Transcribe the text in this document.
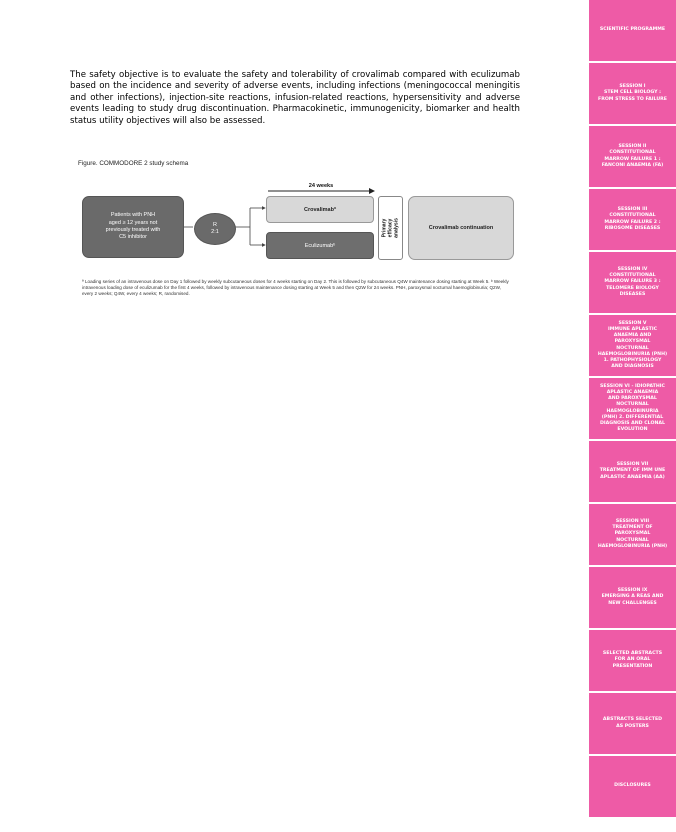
The safety objective is to evaluate the safety and tolerability of crovalimab compared with eculizumab based on the incidence and severity of adverse events, including infections (meningococcal meningitis and other infections), injection-site reactions, infusion-related reactions, hypersensitivity and adverse events leading to study drug discontinuation. Pharmacokinetic, immunogenicity, biomarker and health status utility objectives will also be assessed.

Figure. COMMODORE 2 study schema
24 weeks
Patients with PNH
aged ≥ 12 years not
previously treated with
C5 inhibitor
R
2:1
Crovalimabª
Eculizumabᵇ
Primary efficacy
analysis	Crovalimab continuation
ª Loading series of an intravenous dose on Day 1 followed by weekly subcutaneous doses for 4 weeks starting on Day 2. This is followed by subcutaneous Q4W maintenance dosing starting at Week 5. ᵇ Weekly intravenous loading dose of eculizumab for the first 4 weeks, followed by intravenous maintenance dosing starting at Week 5 and then Q2W for 24 weeks. PNH, paroxysmal nocturnal haemoglobinuria; Q2W, every 2 weeks; Q4W, every 4 weeks; R, randomised.
SCIENTIFIC PROGRAMME
SESSION I
STEM CELL BIOLOGY :
FROM STRESS TO FAILURE
SESSION II
CONSTITUTIONAL
MARROW FAILURE 1 :
FANCONI ANAEMIA (FA)
SESSION III
CONSTITUTIONAL
MARROW FAILURE 2 :
RIBOSOME DISEASES
SESSION IV
CONSTITUTIONAL
MARROW FAILURE 3 :
TELOMERE BIOLOGY
DISEASES
SESSION V
IMMUNE APLASTIC
ANAEMIA AND
PAROXYSMAL
NOCTURNAL
HAEMOGLOBINURIA (PNH)
1. PATHOPHYSIOLOGY
AND DIAGNOSIS
SESSION VI - IDIOPATHIC
APLASTIC ANAEMIA
AND PAROXYSMAL
NOCTURNAL
HAEMOGLOBINURIA
(PNH) 2. DIFFERENTIAL
DIAGNOSIS AND CLONAL
EVOLUTION
SESSION VII
TREATMENT OF IMM UNE
APLASTIC ANAEMIA (AA)
SESSION VIII
TREATMENT OF
PAROXYSMAL
NOCTURNAL
HAEMOGLOBINURIA (PNH)
SESSION IX
EMERGING A REAS AND
NEW CHALLENGES
SELECTED ABSTRACTS
FOR AN ORAL
PRESENTATION
ABSTRACTS SELECTED
AS POSTERS
DISCLOSURES
